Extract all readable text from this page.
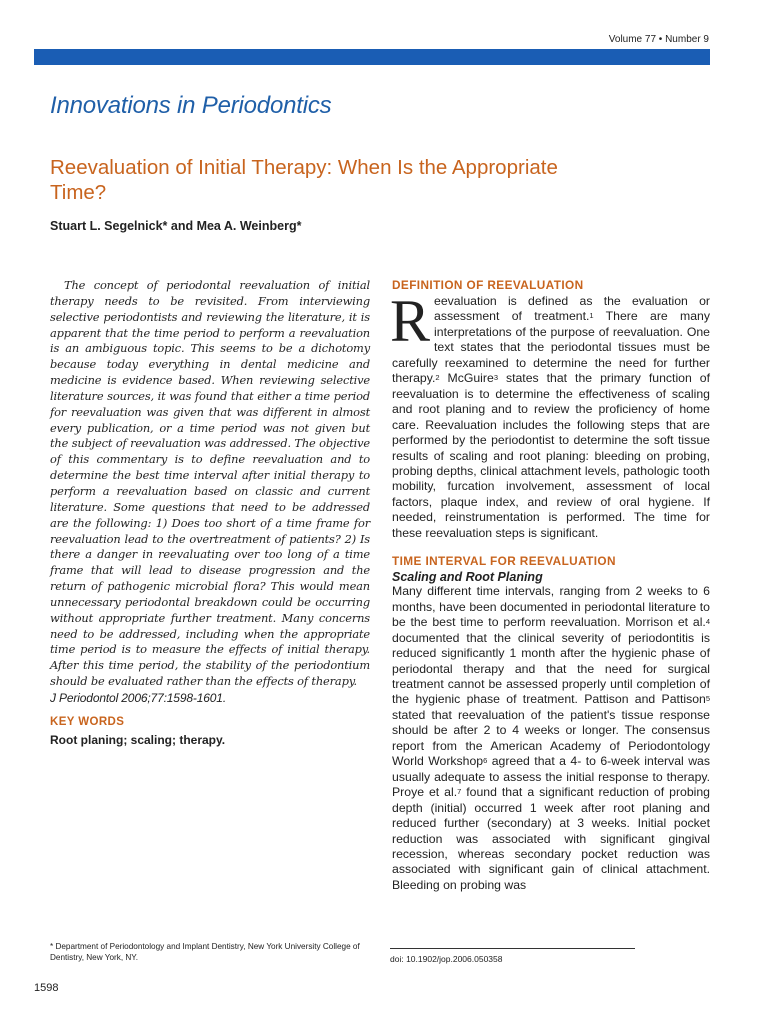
Volume 77 • Number 9
Innovations in Periodontics
Reevaluation of Initial Therapy: When Is the Appropriate Time?
Stuart L. Segelnick* and Mea A. Weinberg*

The concept of periodontal reevaluation of initial therapy needs to be revisited. From interviewing selective periodontists and reviewing the literature, it is apparent that the time period to perform a reevaluation is an ambiguous topic. This seems to be a dichotomy because today everything in dental medicine and medicine is evidence based. When reviewing selective literature sources, it was found that either a time period for reevaluation was given that was different in almost every publication, or a time period was not given but the subject of reevaluation was addressed. The objective of this commentary is to define reevaluation and to determine the best time interval after initial therapy to perform a reevaluation based on classic and current literature. Some questions that need to be addressed are the following: 1) Does too short of a time frame for reevaluation lead to the overtreatment of patients? 2) Is there a danger in reevaluating over too long of a time frame that will lead to disease progression and the return of pathogenic microbial flora? This would mean unnecessary periodontal breakdown could be occurring without appropriate further treatment. Many concerns need to be addressed, including when the appropriate time period is to measure the effects of initial therapy. After this time period, the stability of the periodontium should be evaluated rather than the effects of therapy.
J Periodontol 2006;77:1598-1601.

KEY WORDS
Root planing; scaling; therapy.
DEFINITION OF REEVALUATION

Reevaluation is defined as the evaluation or assessment of treatment.$^1$ There are many interpretations of the purpose of reevaluation. One text states that the periodontal tissues must be carefully reexamined to determine the need for further therapy.$^2$ McGuire$^3$ states that the primary function of reevaluation is to determine the effectiveness of scaling and root planing and to review the proficiency of home care. Reevaluation includes the following steps that are performed by the periodontist to determine the soft tissue results of scaling and root planing: bleeding on probing, probing depths, clinical attachment levels, pathologic tooth mobility, furcation involvement, assessment of local factors, plaque index, and review of oral hygiene. If needed, reinstrumentation is performed. The time for these reevaluation steps is significant.

TIME INTERVAL FOR REEVALUATION
Scaling and Root Planing

Many different time intervals, ranging from 2 weeks to 6 months, have been documented in periodontal literature to be the best time to perform reevaluation. Morrison et al.$^4$ documented that the clinical severity of periodontitis is reduced significantly 1 month after the hygienic phase of periodontal therapy and that the need for surgical treatment cannot be assessed properly until completion of the hygienic phase of treatment. Pattison and Pattison$^5$ stated that reevaluation of the patient's tissue response should be after 2 to 4 weeks or longer. The consensus report from the American Academy of Periodontology World Workshop$^6$ agreed that a 4- to 6-week interval was usually adequate to assess the initial response to therapy. Proye et al.$^7$ found that a significant reduction of probing depth (initial) occurred 1 week after root planing and reduced further (secondary) at 3 weeks. Initial pocket reduction was associated with significant gingival recession, whereas secondary pocket reduction was associated with significant gain of clinical attachment. Bleeding on probing was

* Department of Periodontology and Implant Dentistry, New York University College of Dentistry, New York, NY.	doi: 10.1902/jop.2006.050358
1598
